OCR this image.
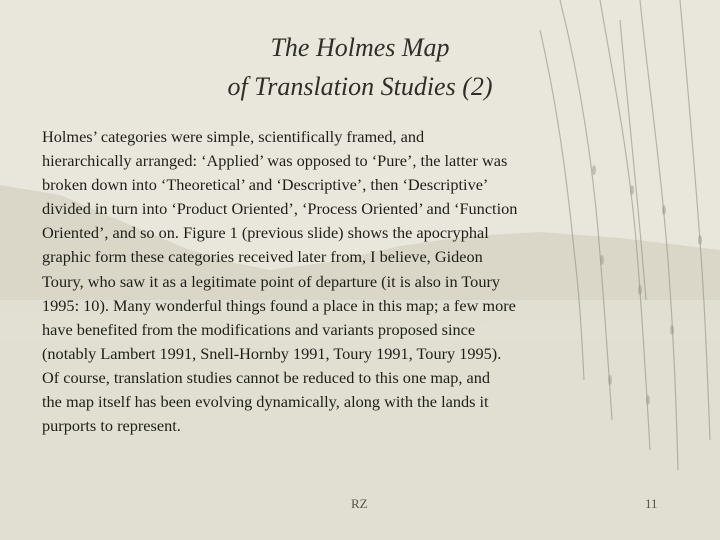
The Holmes Map
of Translation Studies (2)
Holmes’ categories were simple, scientifically framed, and
hierarchically arranged: ‘Applied’ was opposed to ‘Pure’, the latter was
broken down into ‘Theoretical’ and ‘Descriptive’, then ‘Descriptive’
divided in turn into ‘Product Oriented’, ‘Process Oriented’ and ‘Function
Oriented’, and so on. Figure 1 (previous slide) shows the apocryphal
graphic form these categories received later from, I believe, Gideon
Toury, who saw it as a legitimate point of departure (it is also in Toury
1995: 10). Many wonderful things found a place in this map; a few more
have benefited from the modifications and variants proposed since
(notably Lambert 1991, Snell-Hornby 1991, Toury 1991, Toury 1995).
Of course, translation studies cannot be reduced to this one map, and
the map itself has been evolving dynamically, along with the lands it
purports to represent.
RZ	11
